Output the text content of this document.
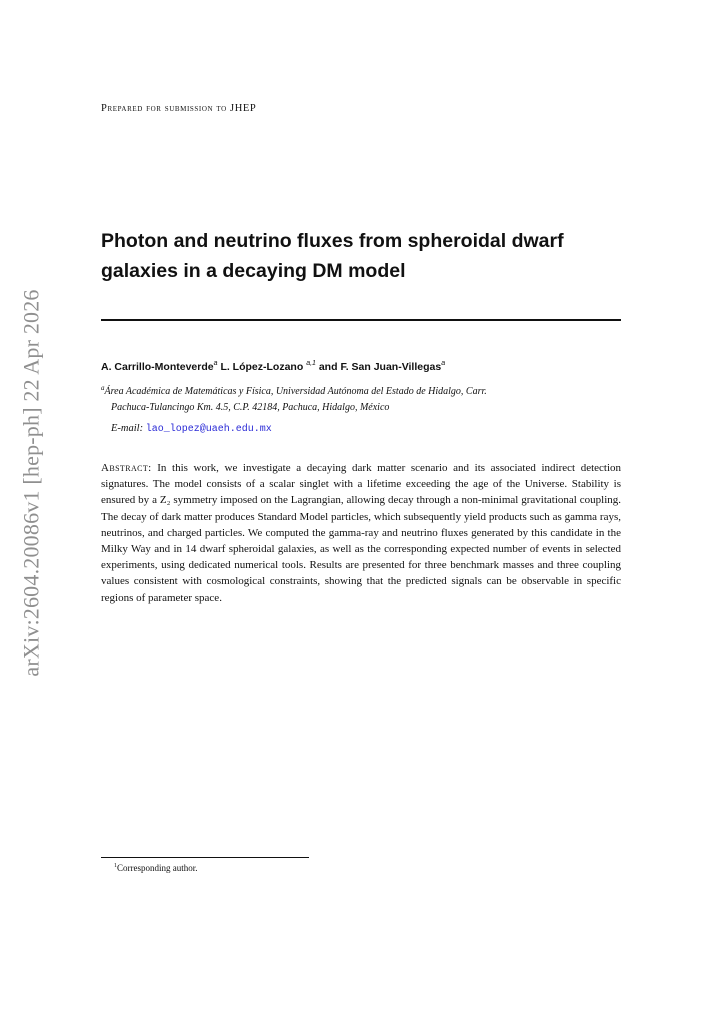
arXiv:2604.20086v1 [hep-ph] 22 Apr 2026
Prepared for submission to JHEP
Photon and neutrino fluxes from spheroidal dwarf galaxies in a decaying DM model
A. Carrillo-Monteverde$^a$ L. López-Lozano $^{a,1}$ and F. San Juan-Villegas$^a$
$^a$Área Académica de Matemáticas y Física, Universidad Autónoma del Estado de Hidalgo, Carr.
Pachuca-Tulancingo Km. 4.5, C.P. 42184, Pachuca, Hidalgo, México
E-mail: lao_lopez@uaeh.edu.mx

Abstract: In this work, we investigate a decaying dark matter scenario and its associated indirect detection signatures. The model consists of a scalar singlet with a lifetime exceeding the age of the Universe. Stability is ensured by a Z₂ symmetry imposed on the Lagrangian, allowing decay through a non-minimal gravitational coupling. The decay of dark matter produces Standard Model particles, which subsequently yield products such as gamma rays, neutrinos, and charged particles. We computed the gamma-ray and neutrino fluxes generated by this candidate in the Milky Way and in 14 dwarf spheroidal galaxies, as well as the corresponding expected number of events in selected experiments, using dedicated numerical tools. Results are presented for three benchmark masses and three coupling values consistent with cosmological constraints, showing that the predicted signals can be observable in specific regions of parameter space.

$^1$Corresponding author.
